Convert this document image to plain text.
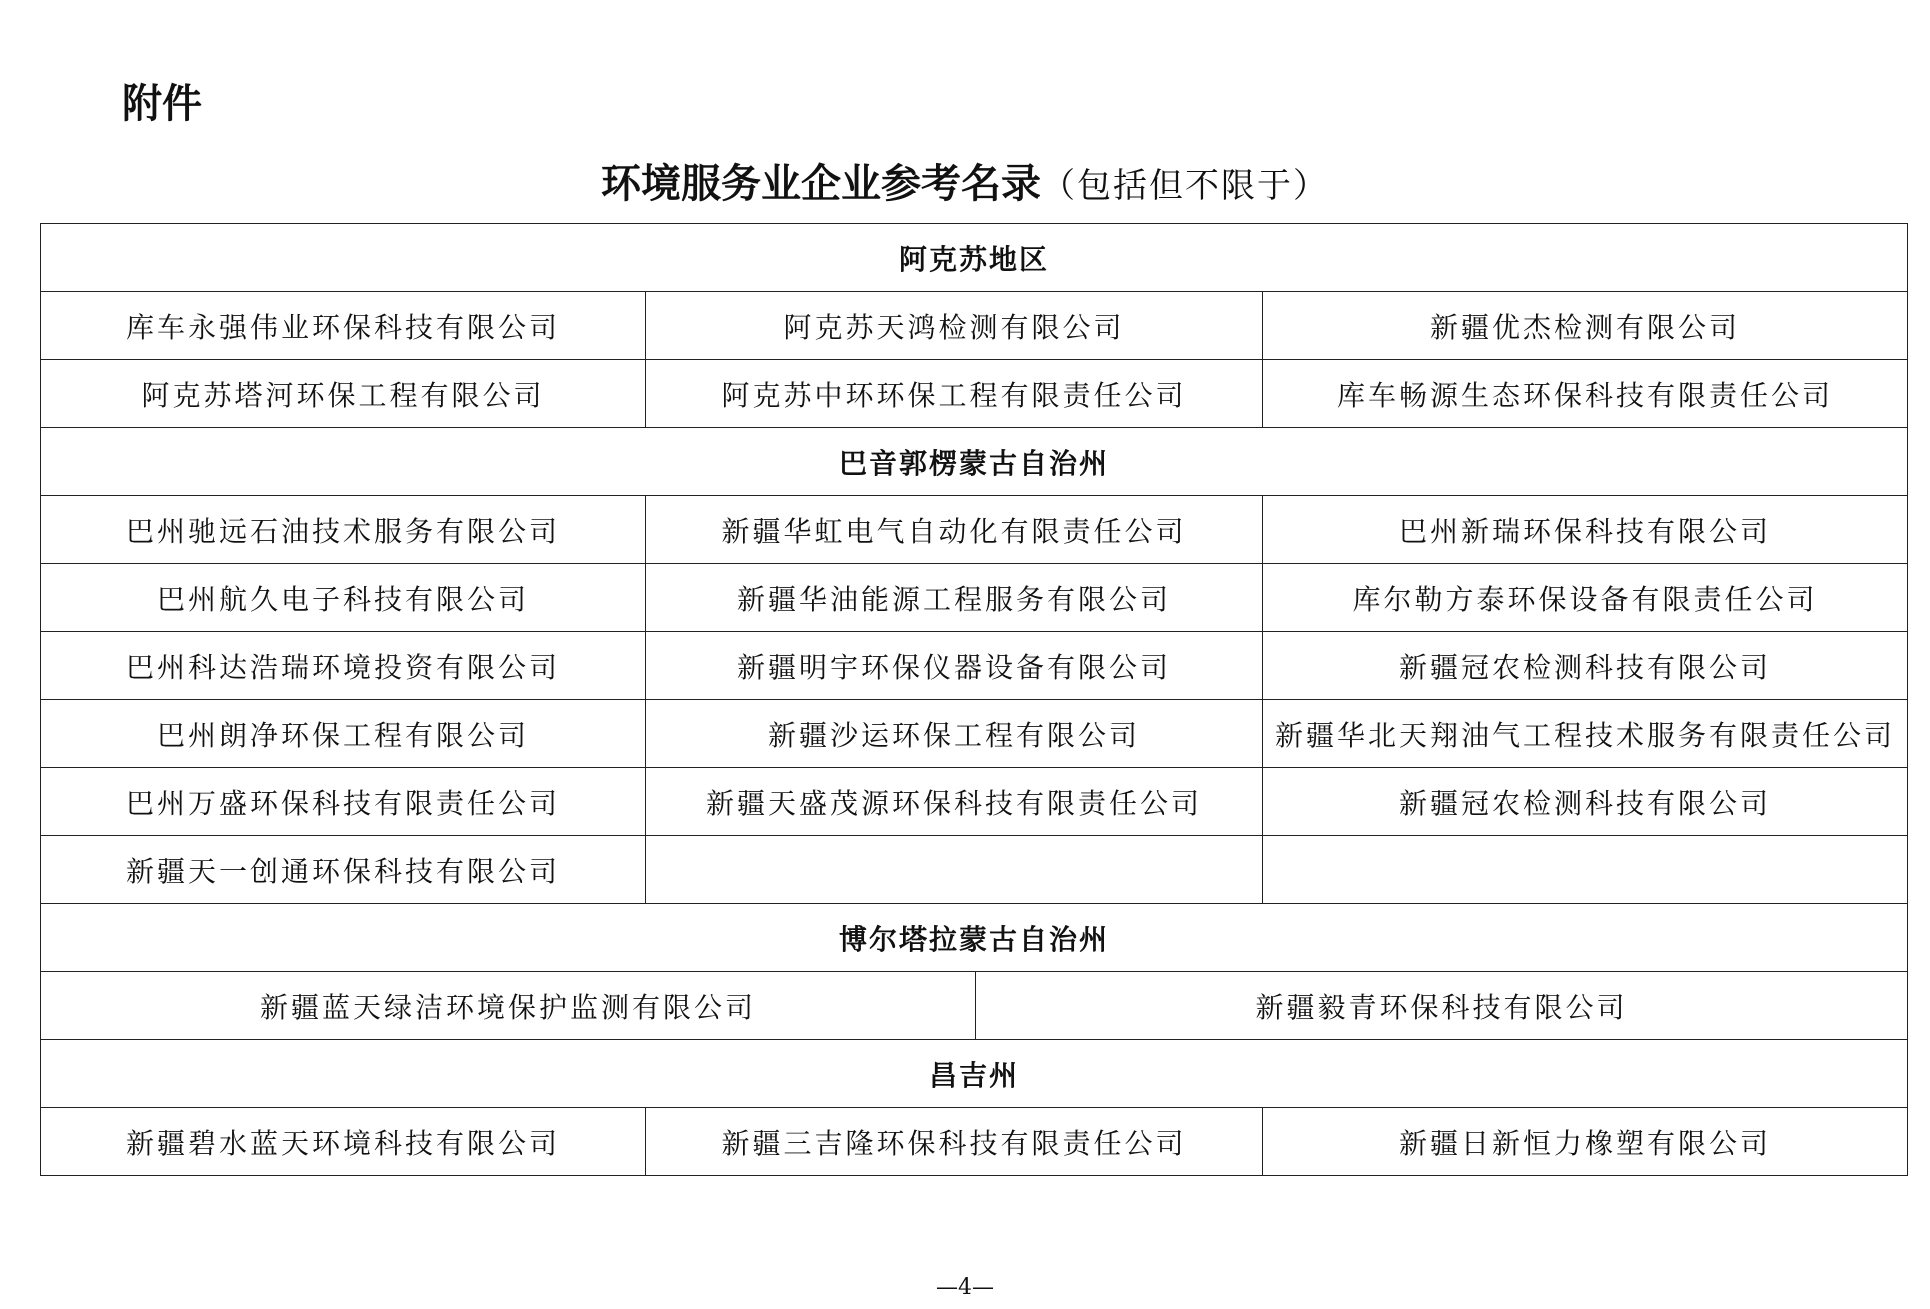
附件
环境服务业企业参考名录（包括但不限于）
阿克苏地区			
库车永强伟业环保科技有限公司	阿克苏天鸿检测有限公司		新疆优杰检测有限公司
阿克苏塔河环保工程有限公司	阿克苏中环环保工程有限责任公司		库车畅源生态环保科技有限责任公司
巴音郭楞蒙古自治州			
巴州驰远石油技术服务有限公司	新疆华虹电气自动化有限责任公司		巴州新瑞环保科技有限公司
巴州航久电子科技有限公司	新疆华油能源工程服务有限公司		库尔勒方泰环保设备有限责任公司
巴州科达浩瑞环境投资有限公司	新疆明宇环保仪器设备有限公司		新疆冠农检测科技有限公司
巴州朗净环保工程有限公司	新疆沙运环保工程有限公司		新疆华北天翔油气工程技术服务有限责任公司
巴州万盛环保科技有限责任公司	新疆天盛茂源环保科技有限责任公司		新疆冠农检测科技有限公司
新疆天一创通环保科技有限公司			
博尔塔拉蒙古自治州			
新疆蓝天绿洁环境保护监测有限公司		新疆毅青环保科技有限公司	
昌吉州			
新疆碧水蓝天环境科技有限公司	新疆三吉隆环保科技有限责任公司		新疆日新恒力橡塑有限公司
—4—
